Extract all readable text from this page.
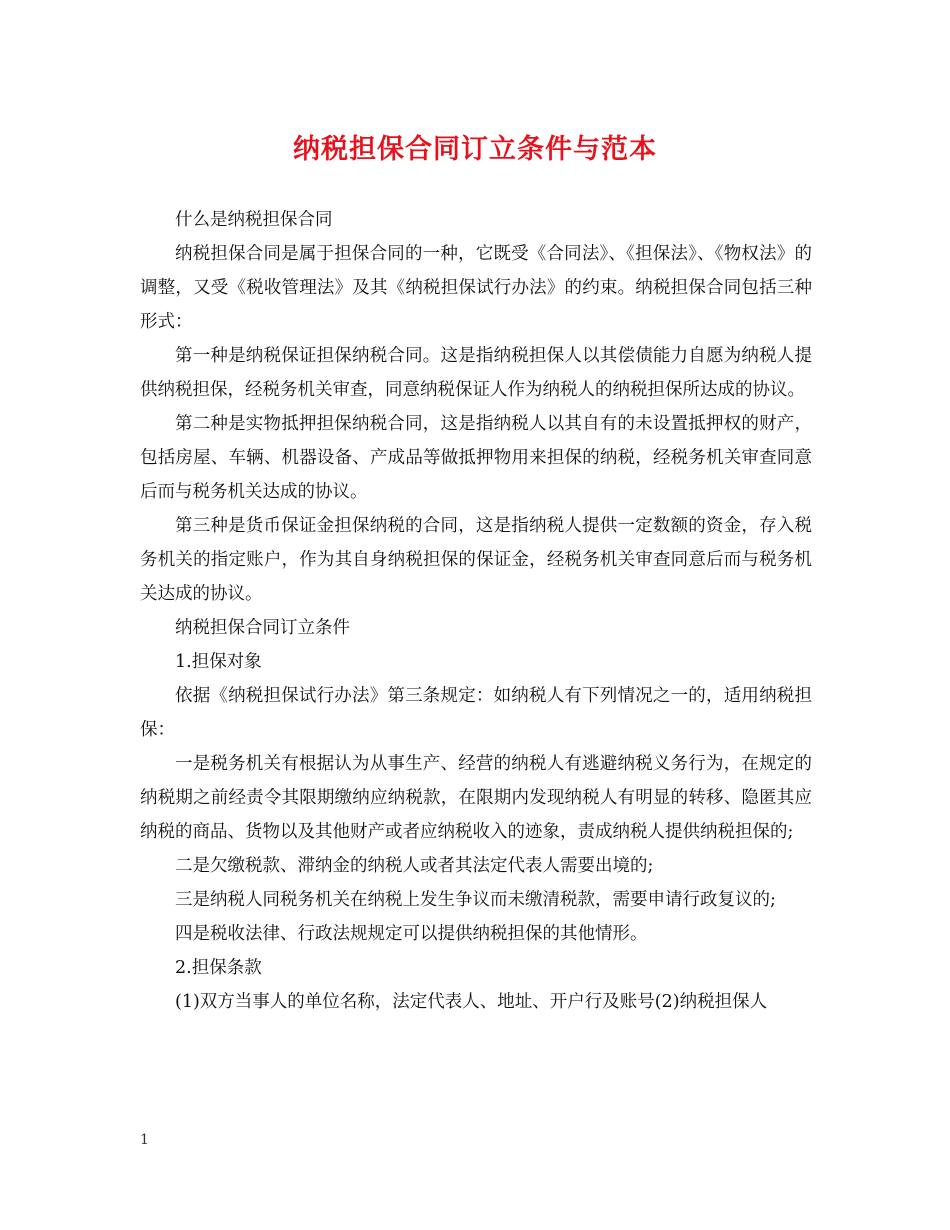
纳税担保合同订立条件与范本

什么是纳税担保合同

纳税担保合同是属于担保合同的一种，它既受《合同法》、《担保法》、《物权法》的调整，又受《税收管理法》及其《纳税担保试行办法》的约束。纳税担保合同包括三种形式：

第一种是纳税保证担保纳税合同。这是指纳税担保人以其偿债能力自愿为纳税人提供纳税担保，经税务机关审查，同意纳税保证人作为纳税人的纳税担保所达成的协议。

第二种是实物抵押担保纳税合同，这是指纳税人以其自有的未设置抵押权的财产，包括房屋、车辆、机器设备、产成品等做抵押物用来担保的纳税，经税务机关审查同意后而与税务机关达成的协议。

第三种是货币保证金担保纳税的合同，这是指纳税人提供一定数额的资金，存入税务机关的指定账户，作为其自身纳税担保的保证金，经税务机关审查同意后而与税务机关达成的协议。

纳税担保合同订立条件

1.担保对象

依据《纳税担保试行办法》第三条规定：如纳税人有下列情况之一的，适用纳税担保：

一是税务机关有根据认为从事生产、经营的纳税人有逃避纳税义务行为，在规定的纳税期之前经责令其限期缴纳应纳税款，在限期内发现纳税人有明显的转移、隐匿其应纳税的商品、货物以及其他财产或者应纳税收入的迹象，责成纳税人提供纳税担保的;

二是欠缴税款、滞纳金的纳税人或者其法定代表人需要出境的;

三是纳税人同税务机关在纳税上发生争议而未缴清税款，需要申请行政复议的;

四是税收法律、行政法规规定可以提供纳税担保的其他情形。

2.担保条款

(1)双方当事人的单位名称，法定代表人、地址、开户行及账号(2)纳税担保人

1
